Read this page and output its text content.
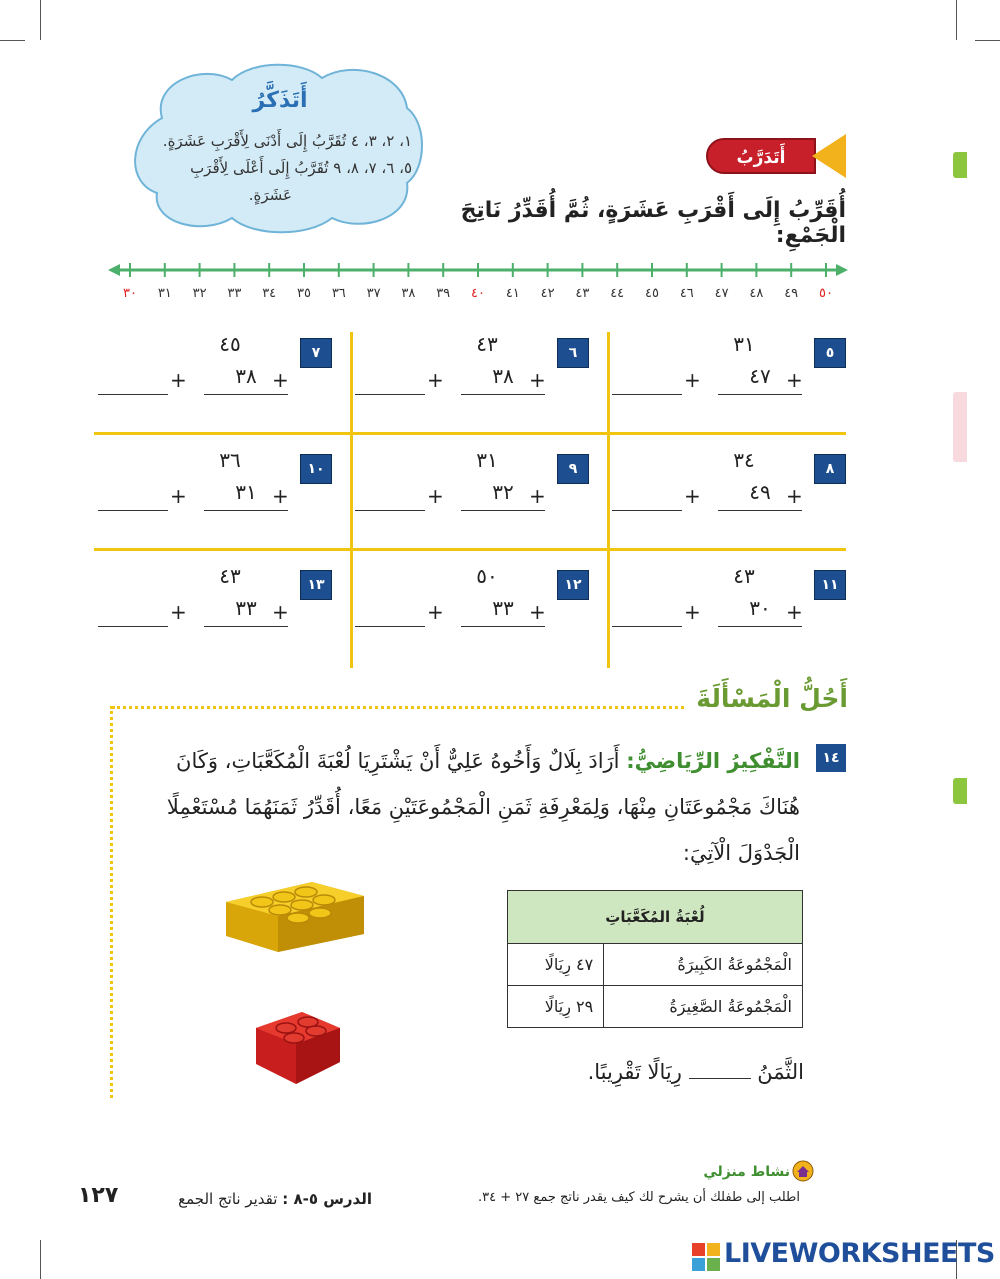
أَتَذَكَّرُ
١، ٢، ٣، ٤ تُقَرَّبُ إِلَى أَدْنَى لِأَقْرَبِ عَشَرَةٍ.
٥، ٦، ٧، ٨، ٩ تُقَرَّبُ إِلَى أَعْلَى لِأَقْرَبِ
عَشَرَةٍ.
أَتَدَرَّبُ
أُقَرِّبُ إِلَى أَقْرَبِ عَشَرَةٍ، ثُمَّ أُقَدِّرُ نَاتِجَ الْجَمْعِ:
٣٠	٣١	٣٢	٣٣	٣٤	٣٥	٣٦	٣٧	٣٨	٣٩	٤٠	٤١	٤٢	٤٣	٤٤	٤٥	٤٦	٤٧	٤٨	٤٩	٥٠
٥
٣١
٤٧ +
+
٦
٤٣
٣٨ +
+
٧
٤٥
٣٨ +
+
٨
٣٤
٤٩ +
+
٩
٣١
٣٢ +
+
١٠
٣٦
٣١ +
+
١١
٤٣
٣٠ +
+
١٢
٥٠
٣٣ +
+
١٣
٤٣
٣٣ +
+
أَحُلُّ الْمَسْأَلَةَ
١٤
التَّفْكِيرُ الرِّيَاضِيُّ: أَرَادَ بِلَالٌ وَأَخُوهُ عَلِيٌّ أَنْ يَشْتَرِيَا لُعْبَةَ الْمُكَعَّبَاتِ، وَكَانَ هُنَاكَ مَجْمُوعَتَانِ مِنْهَا، وَلِمَعْرِفَةِ ثَمَنِ الْمَجْمُوعَتَيْنِ مَعًا، أُقَدِّرُ ثَمَنَهُمَا مُسْتَعْمِلًا الْجَدْوَلَ الْآتِيَ:
لُعْبَةُ المُكَعَّبَاتِ	
الْمَجْمُوعَةُ الكَبِيرَةُ	٤٧ رِيَالًا
الْمَجْمُوعَةُ الصَّغِيرَةُ	٢٩ رِيَالًا
الثَّمَنُ  رِيَالًا تَقْرِيبًا.
نشاط منزلي
اطلب إلى طفلك أن يشرح لك كيف يقدر ناتج جمع ٢٧ + ٣٤.
الدرس ٥-٨ : تقدير ناتج الجمع
١٢٧
LIVEWORKSHEETS
